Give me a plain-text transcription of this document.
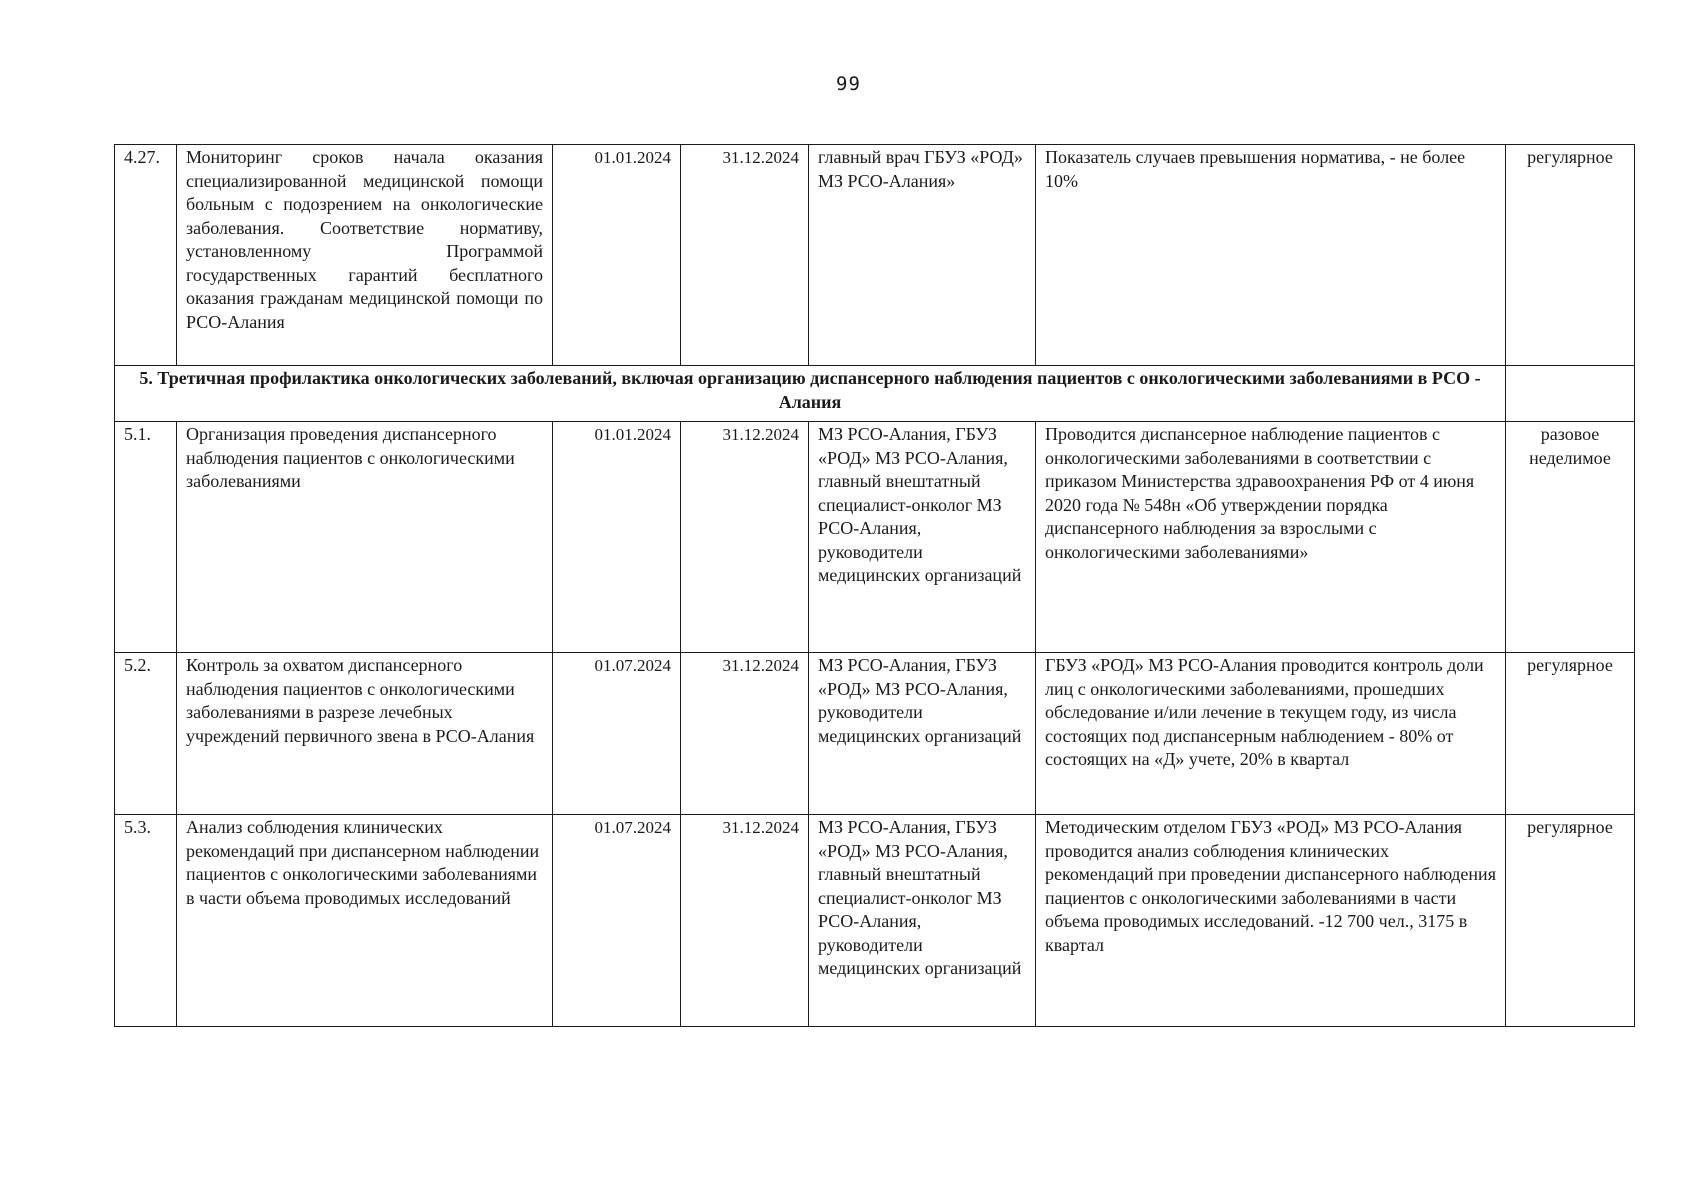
99
4.27.	Мониторинг сроков начала оказания специализированной медицинской помощи больным с подозрением на онкологические заболевания. Соответствие нормативу, установленному Программой государственных гарантий бесплатного оказания гражданам медицинской помощи по РСО-Алания	01.01.2024	31.12.2024	главный врач ГБУЗ «РОД» МЗ РСО-Алания»	Показатель случаев превышения норматива, - не более 10%	регулярное
5. Третичная профилактика онкологических заболеваний, включая организацию диспансерного наблюдения пациентов с онкологическими заболеваниями в РСО - Алания						
5.1.	Организация проведения диспансерного наблюдения пациентов с онкологическими заболеваниями	01.01.2024	31.12.2024	МЗ РСО-Алания, ГБУЗ «РОД» МЗ РСО-Алания, главный внештатный специалист-онколог МЗ РСО-Алания, руководители медицинских организаций	Проводится диспансерное наблюдение пациентов с онкологическими заболеваниями в соответствии с приказом Министерства здравоохранения РФ от 4 июня 2020 года № 548н «Об утверждении порядка диспансерного наблюдения за взрослыми с онкологическими заболеваниями»	разовое неделимое
5.2.	Контроль за охватом диспансерного наблюдения пациентов с онкологическими заболеваниями в разрезе лечебных учреждений первичного звена в РСО-Алания	01.07.2024	31.12.2024	МЗ РСО-Алания, ГБУЗ «РОД» МЗ РСО-Алания, руководители медицинских организаций	ГБУЗ «РОД» МЗ РСО-Алания проводится контроль доли лиц с онкологическими заболеваниями, прошедших обследование и/или лечение в текущем году, из числа состоящих под диспансерным наблюдением - 80% от состоящих на «Д» учете, 20% в квартал	регулярное
5.3.	Анализ соблюдения клинических рекомендаций при диспансерном наблюдении пациентов с онкологическими заболеваниями в части объема проводимых исследований	01.07.2024	31.12.2024	МЗ РСО-Алания, ГБУЗ «РОД» МЗ РСО-Алания, главный внештатный специалист-онколог МЗ РСО-Алания, руководители медицинских организаций	Методическим отделом ГБУЗ «РОД» МЗ РСО-Алания проводится анализ соблюдения клинических рекомендаций при проведении диспансерного наблюдения пациентов с онкологическими заболеваниями в части объема проводимых исследований. -12 700 чел., 3175 в квартал	регулярное
